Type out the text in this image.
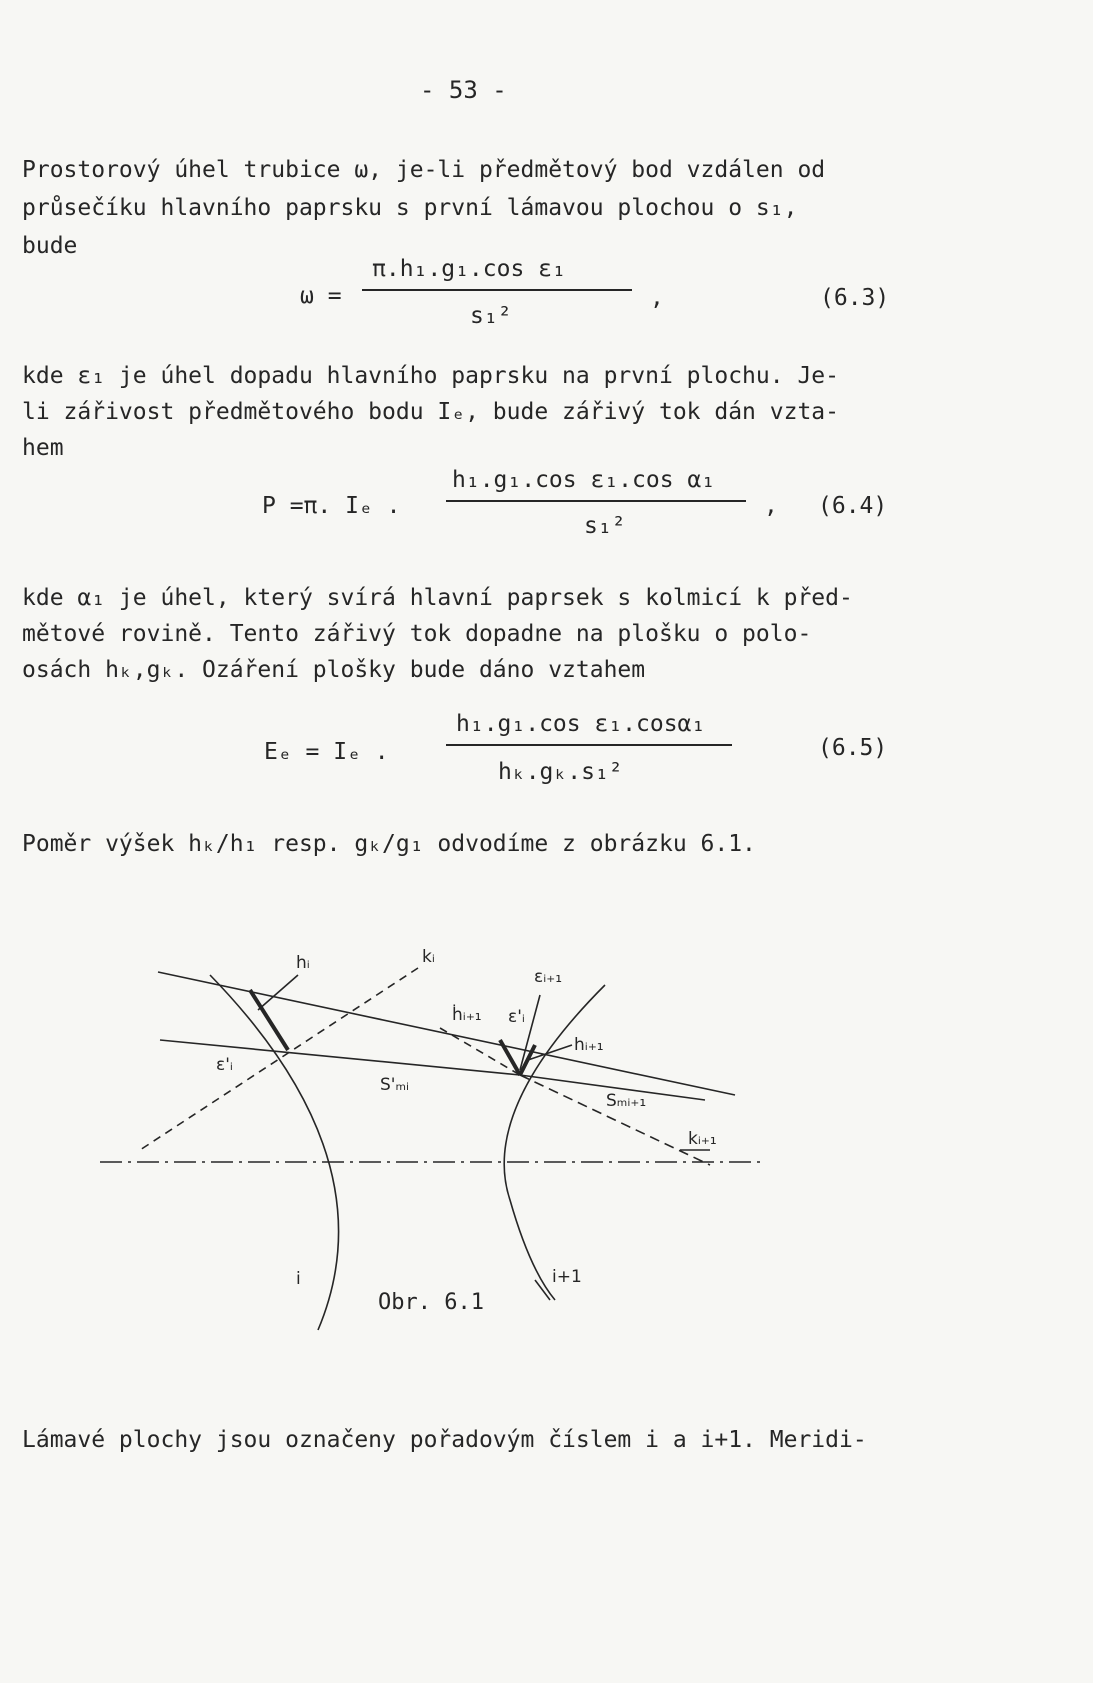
- 53 -
Prostorový úhel trubice ω, je-li předmětový bod vzdálen od
průsečíku hlavního paprsku s první lámavou plochou o s₁,
bude
ω =
π.h₁.g₁.cos ε₁
s₁²
,	(6.3)
kde ε₁ je úhel dopadu hlavního paprsku na první plochu. Je-
li zářivost předmětového bodu Iₑ, bude zářivý tok dán vzta-
hem
P =π. Iₑ .
h₁.g₁.cos ε₁.cos α₁
s₁²
, (6.4)
kde α₁ je úhel, který svírá hlavní paprsek s kolmicí k před-
mětové rovině. Tento zářivý tok dopadne na plošku o polo-
osách hₖ,gₖ. Ozáření plošky bude dáno vztahem
Eₑ = Iₑ .
h₁.g₁.cos ε₁.cosα₁
hₖ.gₖ.s₁²
(6.5)
Poměr výšek hₖ/h₁ resp. gₖ/g₁ odvodíme z obrázku 6.1.
hᵢ	kᵢ
εᵢ₊₁
ḣᵢ₊₁ ε'ᵢ
hᵢ₊₁
ε'ᵢ
S'ₘᵢ
Sₘᵢ₊₁
kᵢ₊₁
i	i+1
Obr. 6.1
Lámavé plochy jsou označeny pořadovým číslem i a i+1. Meridi-
